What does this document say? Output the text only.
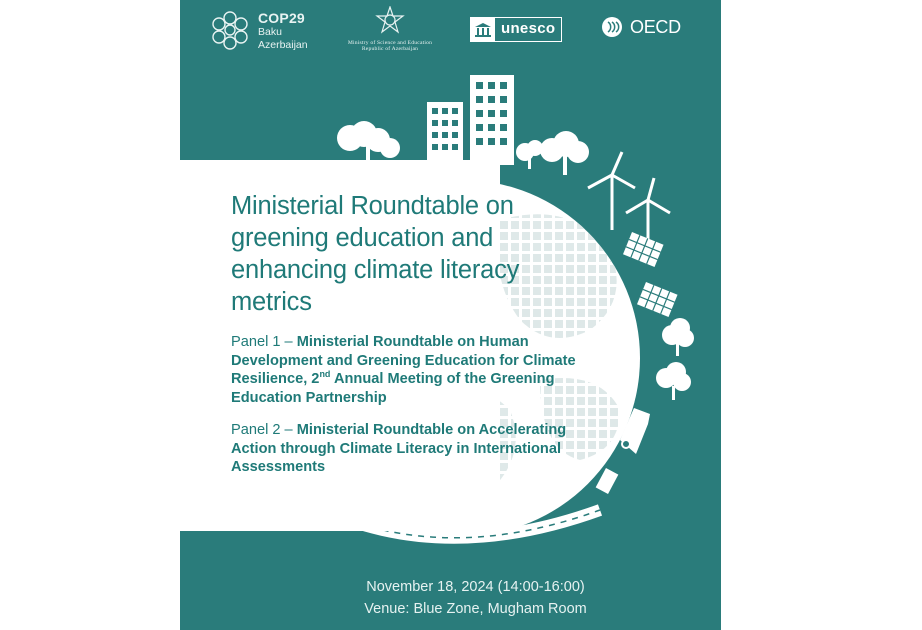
COP29
Baku
Azerbaijan	Ministry of Science and Education
Republic of Azerbaijan
unesco	OECD
Ministerial Roundtable on
greening education and
enhancing climate literacy
metrics
Panel 1 – Ministerial Roundtable on Human Development and Greening Education for Climate Resilience, 2nd Annual Meeting of the Greening Education Partnership
Panel 2 – Ministerial Roundtable on Accelerating Action through Climate Literacy in International Assessments
November 18, 2024 (14:00-16:00)
Venue: Blue Zone, Mugham Room
